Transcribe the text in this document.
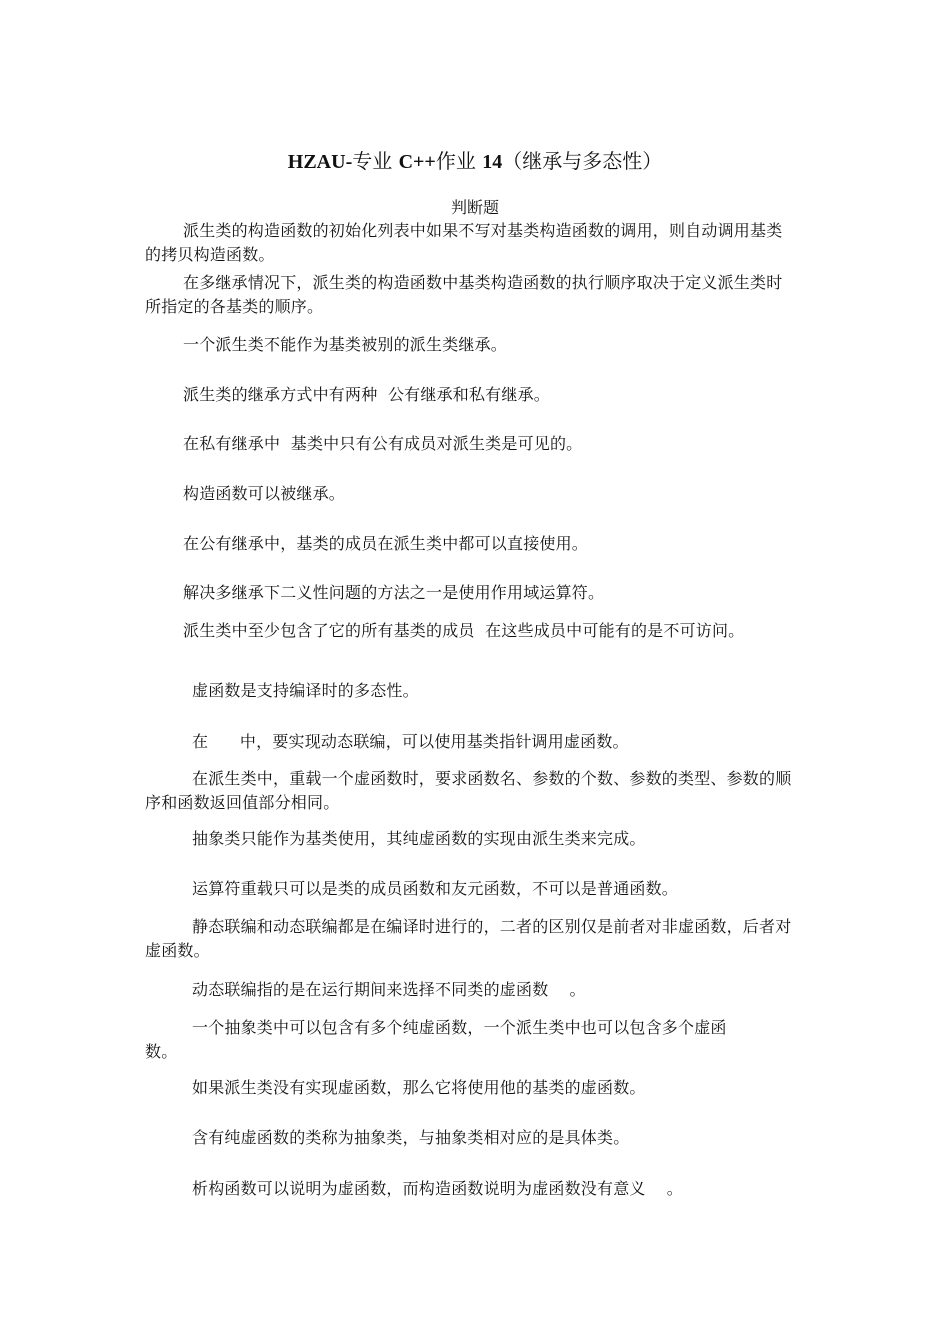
HZAU-专业 C++作业 14（继承与多态性）
判断题
派生类的构造函数的初始化列表中如果不写对基类构造函数的调用，则自动调用基类
的拷贝构造函数。
在多继承情况下，派生类的构造函数中基类构造函数的执行顺序取决于定义派生类时
所指定的各基类的顺序。
一个派生类不能作为基类被别的派生类继承。
派生类的继承方式中有两种  公有继承和私有继承。
在私有继承中  基类中只有公有成员对派生类是可见的。
构造函数可以被继承。
在公有继承中，基类的成员在派生类中都可以直接使用。
解决多继承下二义性问题的方法之一是使用作用域运算符。
派生类中至少包含了它的所有基类的成员  在这些成员中可能有的是不可访问。
虚函数是支持编译时的多态性。
在      中，要实现动态联编，可以使用基类指针调用虚函数。
在派生类中，重载一个虚函数时，要求函数名、参数的个数、参数的类型、参数的顺
序和函数返回值部分相同。
抽象类只能作为基类使用，其纯虚函数的实现由派生类来完成。
运算符重载只可以是类的成员函数和友元函数，不可以是普通函数。
静态联编和动态联编都是在编译时进行的，二者的区别仅是前者对非虚函数，后者对
虚函数。
动态联编指的是在运行期间来选择不同类的虚函数    。
一个抽象类中可以包含有多个纯虚函数，一个派生类中也可以包含多个虚函
数。
如果派生类没有实现虚函数，那么它将使用他的基类的虚函数。
含有纯虚函数的类称为抽象类，与抽象类相对应的是具体类。
析构函数可以说明为虚函数，而构造函数说明为虚函数没有意义    。
